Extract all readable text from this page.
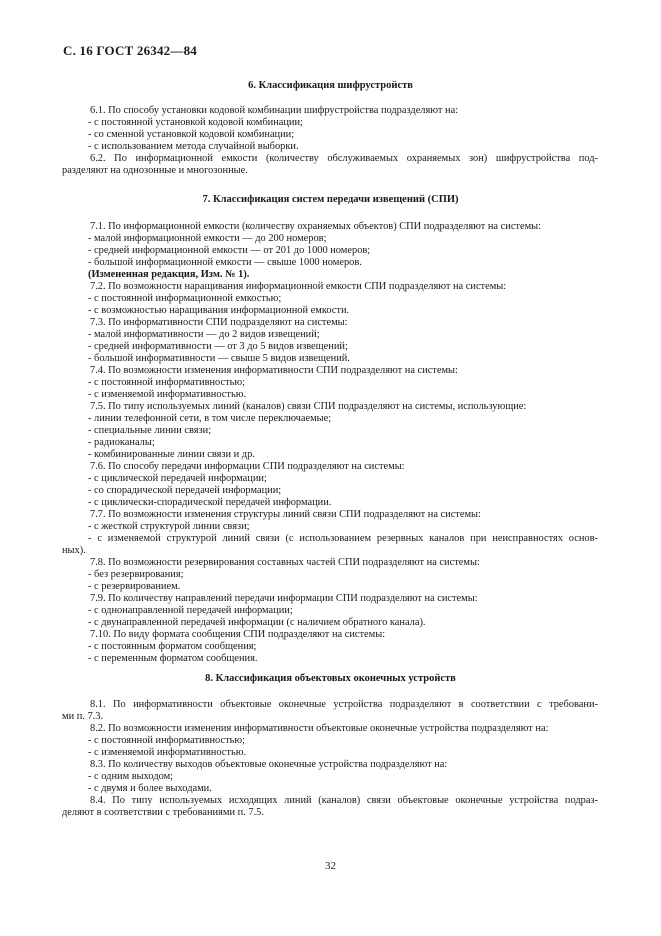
С. 16 ГОСТ 26342—84
6. Классификация шифрустройств
6.1. По способу установки кодовой комбинации шифрустройства подразделяют на:
- с постоянной установкой кодовой комбинации;
- со сменной установкой кодовой комбинации;
- с использованием метода случайной выборки.
6.2. По информационной емкости (количеству обслуживаемых охраняемых зон) шифрустройства под-
разделяют на однозонные и многозонные.
7. Классификация систем передачи извещений (СПИ)
7.1. По информационной емкости (количеству охраняемых объектов) СПИ подразделяют на системы:
- малой информационной емкости — до 200 номеров;
- средней информационной емкости — от 201 до 1000 номеров;
- большой информационной емкости — свыше 1000 номеров.
(Измененная редакция, Изм. № 1).
7.2. По возможности наращивания информационной емкости СПИ подразделяют на системы:
- с постоянной информационной емкостью;
- с возможностью наращивания информационной емкости.
7.3. По информативности СПИ подразделяют на системы:
- малой информативности — до 2 видов извещений;
- средней информативности — от 3 до 5 видов извещений;
- большой информативности — свыше 5 видов извещений.
7.4. По возможности изменения информативности СПИ подразделяют на системы:
- с постоянной информативностью;
- с изменяемой информативностью.
7.5. По типу используемых линий (каналов) связи СПИ подразделяют на системы, использующие:
- линии телефонной сети, в том числе переключаемые;
- специальные линии связи;
- радиоканалы;
- комбинированные линии связи и др.
7.6. По способу передачи информации СПИ подразделяют на системы:
- с циклической передачей информации;
- со спорадической передачей информации;
- с циклически-спорадической передачей информации.
7.7. По возможности изменения структуры линий связи СПИ подразделяют на системы:
- с жесткой структурой линии связи;
- с изменяемой структурой линий связи (с использованием резервных каналов при неисправностях основ-
ных).
7.8. По возможности резервирования составных частей СПИ подразделяют на системы:
- без резервирования;
- с резервированием.
7.9. По количеству направлений передачи информации СПИ подразделяют на системы:
- с однонаправленной передачей информации;
- с двунаправленной передачей информации (с наличием обратного канала).
7.10. По виду формата сообщения СПИ подразделяют на системы:
- с постоянным форматом сообщения;
- с переменным форматом сообщения.
8. Классификация объектовых оконечных устройств
8.1. По информативности объектовые оконечные устройства подразделяют в соответствии с требовани-
ми п. 7.3.
8.2. По возможности изменения информативности объектовые оконечные устройства подразделяют на:
- с постоянной информативностью;
- с изменяемой информативностью.
8.3. По количеству выходов объектовые оконечные устройства подразделяют на:
- с одним выходом;
- с двумя и более выходами.
8.4. По типу используемых исходящих линий (каналов) связи объектовые оконечные устройства подраз-
деляют в соответствии с требованиями п. 7.5.
32
